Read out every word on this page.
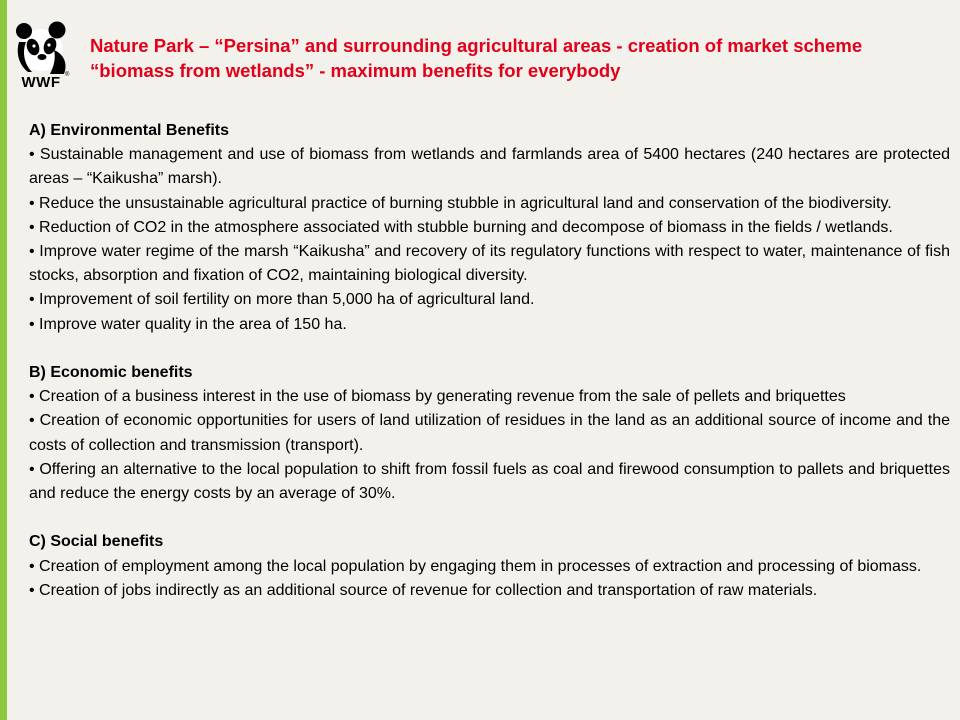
WWF ®
Nature Park – “Persina” and surrounding agricultural areas - creation of market scheme “biomass from wetlands” - maximum benefits for everybody

A) Environmental Benefits

• Sustainable management and use of biomass from wetlands and farmlands area of 5400 hectares (240 hectares are protected areas – “Kaikusha” marsh).

• Reduce the unsustainable agricultural practice of burning stubble in agricultural land and conservation of the biodiversity.

• Reduction of CO2 in the atmosphere associated with stubble burning and decompose of biomass in the fields / wetlands.

• Improve water regime of the marsh “Kaikusha” and recovery of its regulatory functions with respect to water, maintenance of fish stocks, absorption and fixation of CO2, maintaining biological diversity.

• Improvement of soil fertility on more than 5,000 ha of agricultural land.

• Improve water quality in the area of 150 ha.

B) Economic benefits

• Creation of a business interest in the use of biomass by generating revenue from the sale of pellets and briquettes

• Creation of economic opportunities for users of land utilization of residues in the land as an additional source of income and the costs of collection and transmission (transport).

• Offering an alternative to the local population to shift from fossil fuels as coal and firewood consumption to pallets and briquettes and reduce the energy costs by an average of 30%.

C) Social benefits

• Creation of employment among the local population by engaging them in processes of extraction and processing of biomass.

• Creation of jobs indirectly as an additional source of revenue for collection and transportation of raw materials.
